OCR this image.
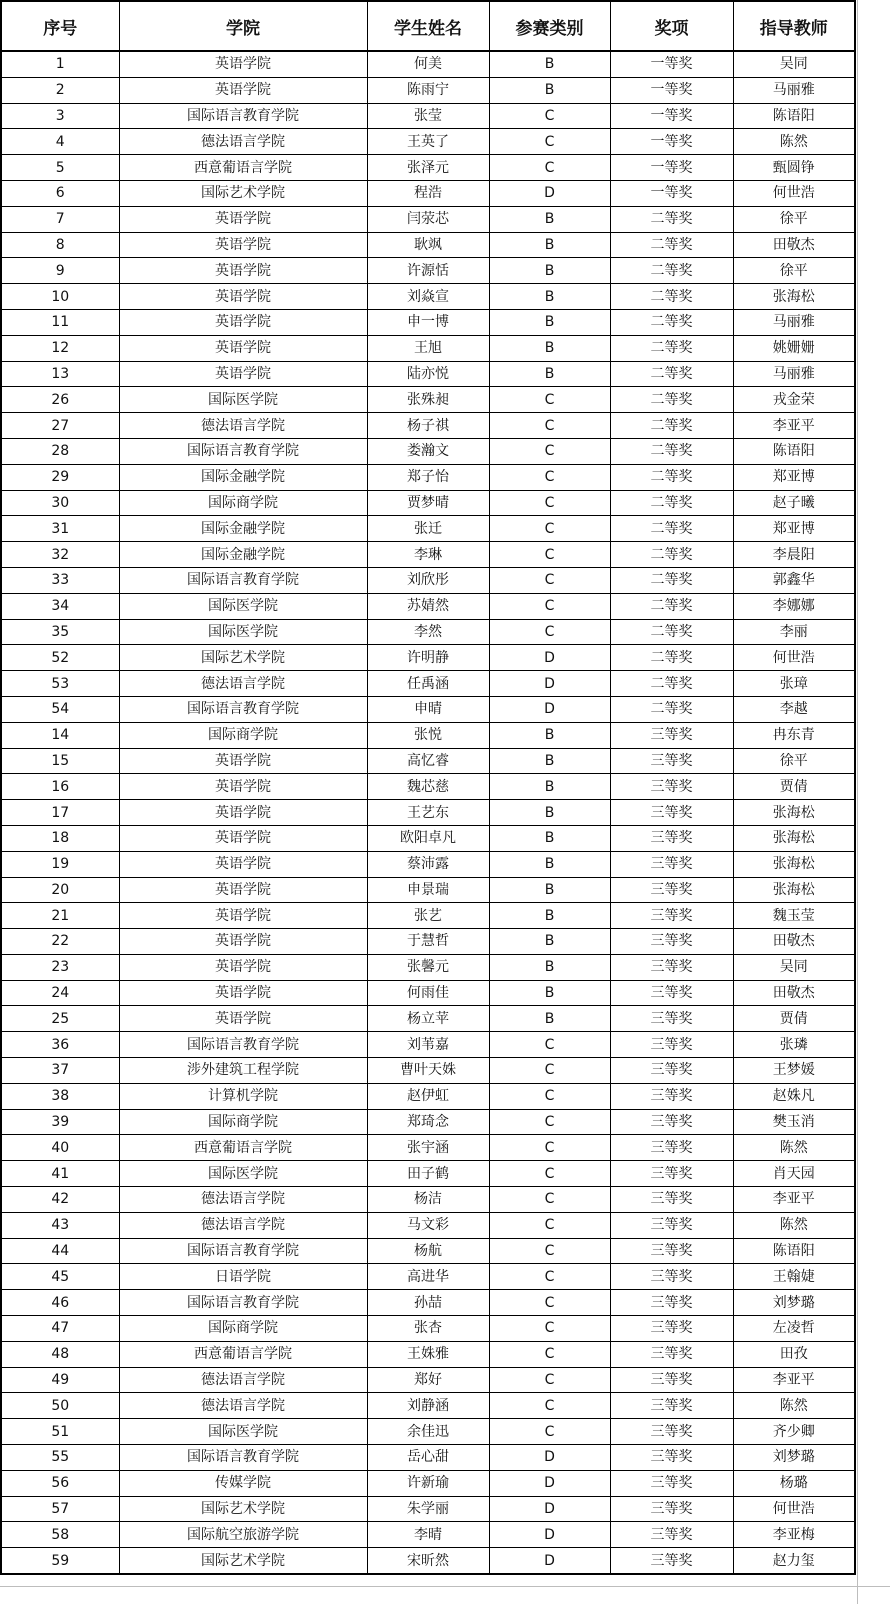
序号	学院	学生姓名	参赛类别	奖项	指导教师
1	英语学院	何美	B	一等奖	吴同
2	英语学院	陈雨宁	B	一等奖	马丽雅
3	国际语言教育学院	张莹	C	一等奖	陈语阳
4	德法语言学院	王英了	C	一等奖	陈然
5	西意葡语言学院	张泽元	C	一等奖	甄圆铮
6	国际艺术学院	程浩	D	一等奖	何世浩
7	英语学院	闫荥芯	B	二等奖	徐平
8	英语学院	耿飒	B	二等奖	田敬杰
9	英语学院	许源恬	B	二等奖	徐平
10	英语学院	刘焱宣	B	二等奖	张海松
11	英语学院	申一博	B	二等奖	马丽雅
12	英语学院	王旭	B	二等奖	姚姗姗
13	英语学院	陆亦悦	B	二等奖	马丽雅
26	国际医学院	张殊昶	C	二等奖	戎金荣
27	德法语言学院	杨子祺	C	二等奖	李亚平
28	国际语言教育学院	娄瀚文	C	二等奖	陈语阳
29	国际金融学院	郑子怡	C	二等奖	郑亚博
30	国际商学院	贾梦晴	C	二等奖	赵子曦
31	国际金融学院	张迁	C	二等奖	郑亚博
32	国际金融学院	李琳	C	二等奖	李晨阳
33	国际语言教育学院	刘欣彤	C	二等奖	郭鑫华
34	国际医学院	苏婧然	C	二等奖	李娜娜
35	国际医学院	李然	C	二等奖	李丽
52	国际艺术学院	许明静	D	二等奖	何世浩
53	德法语言学院	任禹涵	D	二等奖	张璋
54	国际语言教育学院	申晴	D	二等奖	李越
14	国际商学院	张悦	B	三等奖	冉东青
15	英语学院	高忆睿	B	三等奖	徐平
16	英语学院	魏芯慈	B	三等奖	贾倩
17	英语学院	王艺东	B	三等奖	张海松
18	英语学院	欧阳卓凡	B	三等奖	张海松
19	英语学院	蔡沛露	B	三等奖	张海松
20	英语学院	申景瑞	B	三等奖	张海松
21	英语学院	张艺	B	三等奖	魏玉莹
22	英语学院	于慧哲	B	三等奖	田敬杰
23	英语学院	张馨元	B	三等奖	吴同
24	英语学院	何雨佳	B	三等奖	田敬杰
25	英语学院	杨立苹	B	三等奖	贾倩
36	国际语言教育学院	刘苇嘉	C	三等奖	张璘
37	涉外建筑工程学院	曹叶天姝	C	三等奖	王梦媛
38	计算机学院	赵伊虹	C	三等奖	赵姝凡
39	国际商学院	郑琦念	C	三等奖	樊玉消
40	西意葡语言学院	张宇涵	C	三等奖	陈然
41	国际医学院	田子鹤	C	三等奖	肖天园
42	德法语言学院	杨洁	C	三等奖	李亚平
43	德法语言学院	马文彩	C	三等奖	陈然
44	国际语言教育学院	杨航	C	三等奖	陈语阳
45	日语学院	高进华	C	三等奖	王翰婕
46	国际语言教育学院	孙喆	C	三等奖	刘梦璐
47	国际商学院	张杏	C	三等奖	左凌哲
48	西意葡语言学院	王姝雅	C	三等奖	田孜
49	德法语言学院	郑好	C	三等奖	李亚平
50	德法语言学院	刘静涵	C	三等奖	陈然
51	国际医学院	余佳迅	C	三等奖	齐少卿
55	国际语言教育学院	岳心甜	D	三等奖	刘梦璐
56	传媒学院	许新瑜	D	三等奖	杨璐
57	国际艺术学院	朱学丽	D	三等奖	何世浩
58	国际航空旅游学院	李晴	D	三等奖	李亚梅
59	国际艺术学院	宋昕然	D	三等奖	赵力玺
